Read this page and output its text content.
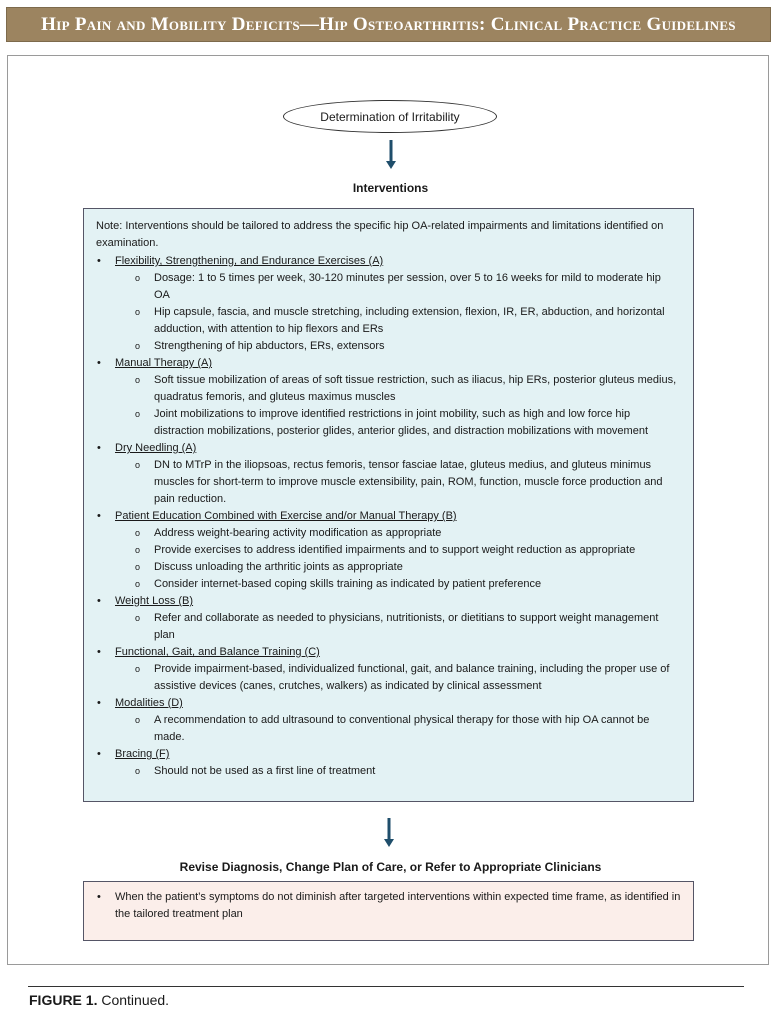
Hip Pain and Mobility Deficits—Hip Osteoarthritis: Clinical Practice Guidelines
Determination of Irritability
Interventions
Note: Interventions should be tailored to address the specific hip OA-related impairments and limitations identified on examination.
• Flexibility, Strengthening, and Endurance Exercises (A)
o Dosage: 1 to 5 times per week, 30-120 minutes per session, over 5 to 16 weeks for mild to moderate hip OA
o Hip capsule, fascia, and muscle stretching, including extension, flexion, IR, ER, abduction, and horizontal adduction, with attention to hip flexors and ERs
o Strengthening of hip abductors, ERs, extensors
• Manual Therapy (A)
o Soft tissue mobilization of areas of soft tissue restriction, such as iliacus, hip ERs, posterior gluteus medius, quadratus femoris, and gluteus maximus muscles
o Joint mobilizations to improve identified restrictions in joint mobility, such as high and low force hip distraction mobilizations, posterior glides, anterior glides, and distraction mobilizations with movement
• Dry Needling (A)
o DN to MTrP in the iliopsoas, rectus femoris, tensor fasciae latae, gluteus medius, and gluteus minimus muscles for short-term to improve muscle extensibility, pain, ROM, function, muscle force production and pain reduction.
• Patient Education Combined with Exercise and/or Manual Therapy (B)
o Address weight-bearing activity modification as appropriate
o Provide exercises to address identified impairments and to support weight reduction as appropriate
o Discuss unloading the arthritic joints as appropriate
o Consider internet-based coping skills training as indicated by patient preference
• Weight Loss (B)
o Refer and collaborate as needed to physicians, nutritionists, or dietitians to support weight management plan
• Functional, Gait, and Balance Training (C)
o Provide impairment-based, individualized functional, gait, and balance training, including the proper use of assistive devices (canes, crutches, walkers) as indicated by clinical assessment
• Modalities (D)
o A recommendation to add ultrasound to conventional physical therapy for those with hip OA cannot be made.
• Bracing (F)
o Should not be used as a first line of treatment
Revise Diagnosis, Change Plan of Care, or Refer to Appropriate Clinicians
• When the patient’s symptoms do not diminish after targeted interventions within expected time frame, as identified in the tailored treatment plan
FIGURE 1. Continued.
